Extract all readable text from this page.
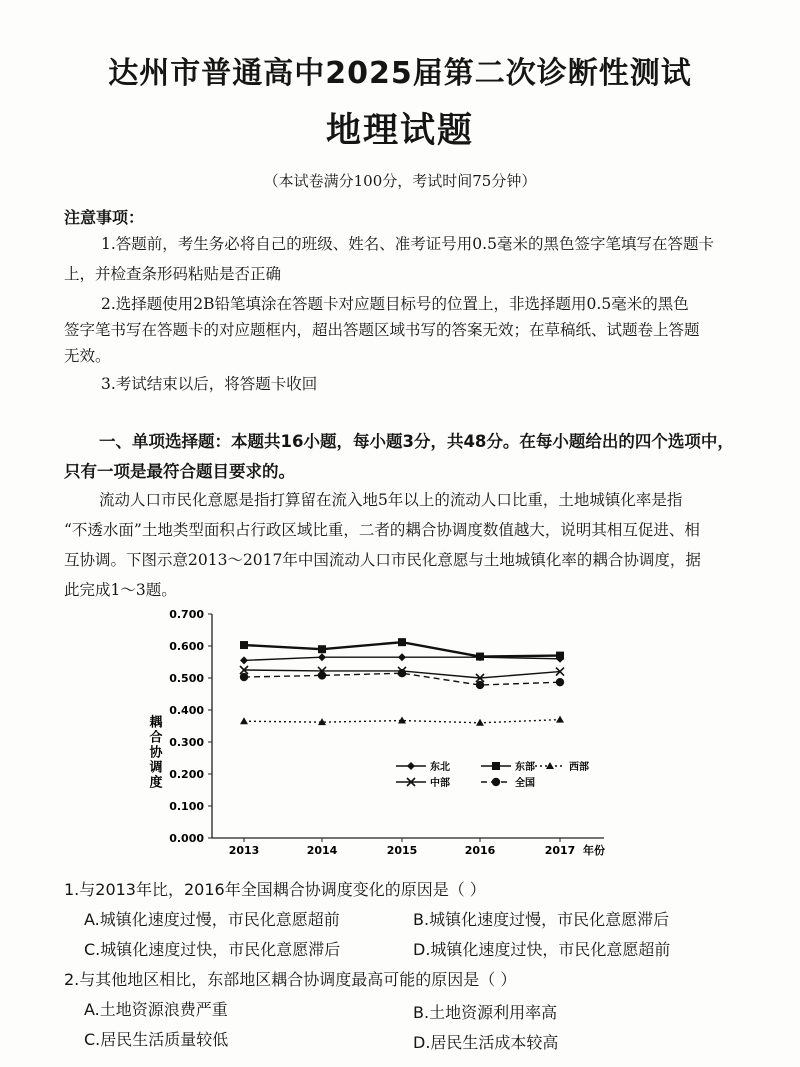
达州市普通高中2025届第二次诊断性测试
地理试题
（本试卷满分100分，考试时间75分钟）
注意事项：
1.答题前，考生务必将自己的班级、姓名、准考证号用0.5毫米的黑色签字笔填写在答题卡
上，并检查条形码粘贴是否正确
2.选择题使用2B铅笔填涂在答题卡对应题目标号的位置上，非选择题用0.5毫米的黑色
签字笔书写在答题卡的对应题框内，超出答题区域书写的答案无效；在草稿纸、试题卷上答题
无效。
3.考试结束以后，将答题卡收回
一、单项选择题：本题共16小题，每小题3分，共48分。在每小题给出的四个选项中，
只有一项是最符合题目要求的。
流动人口市民化意愿是指打算留在流入地5年以上的流动人口比重，土地城镇化率是指
“不透水面”土地类型面积占行政区域比重，二者的耦合协调度数值越大，说明其相互促进、相
互协调。下图示意2013～2017年中国流动人口市民化意愿与土地城镇化率的耦合协调度，据
此完成1～3题。
0.000
0.100
0.200
0.300
0.400
0.500
0.600
0.700
2013	2014	2015	2016	2017
东北	东部	西部
中部	全国
年份
耦合协调度
1.与2013年比，2016年全国耦合协调度变化的原因是（ ）
A.城镇化速度过慢，市民化意愿超前	B.城镇化速度过慢，市民化意愿滞后
C.城镇化速度过快，市民化意愿滞后	D.城镇化速度过快，市民化意愿超前
2.与其他地区相比，东部地区耦合协调度最高可能的原因是（ ）
A.土地资源浪费严重	B.土地资源利用率高
C.居民生活质量较低	D.居民生活成本较高
